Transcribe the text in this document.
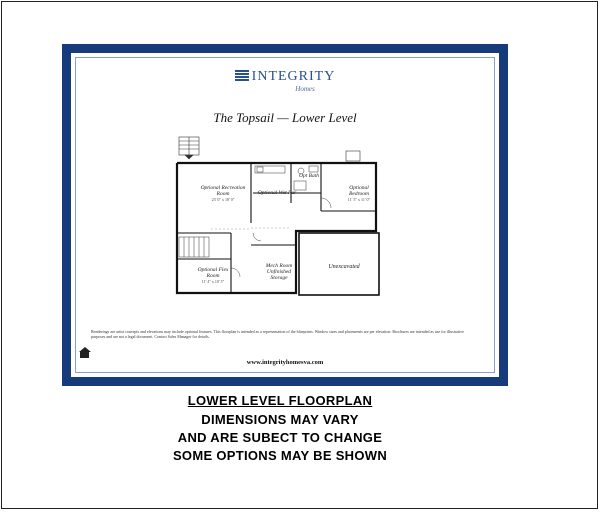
INTEGRITY
Homes
The Topsail — Lower Level
Optional Recreation Room
23' 0" x 18' 0"
Optional Wet Bar
Opt Bath
Optional Bedroom
11' 5" x 11' 0"
Optional Flex Room
11' 4" x 10' 5"
Mech Room Unfinished Storage
Unexcavated
Renderings are artist concepts and elevations may include optional features. This floorplan is intended as a representation of the blueprints. Window sizes and placements are per elevation. Brochures are intended as use for illustrative purposes and are not a legal document. Contact Sales Manager for details.
www.integrityhomesva.com
LOWER LEVEL FLOORPLAN
DIMENSIONS MAY VARY
AND ARE SUBECT TO CHANGE
SOME OPTIONS MAY BE SHOWN
